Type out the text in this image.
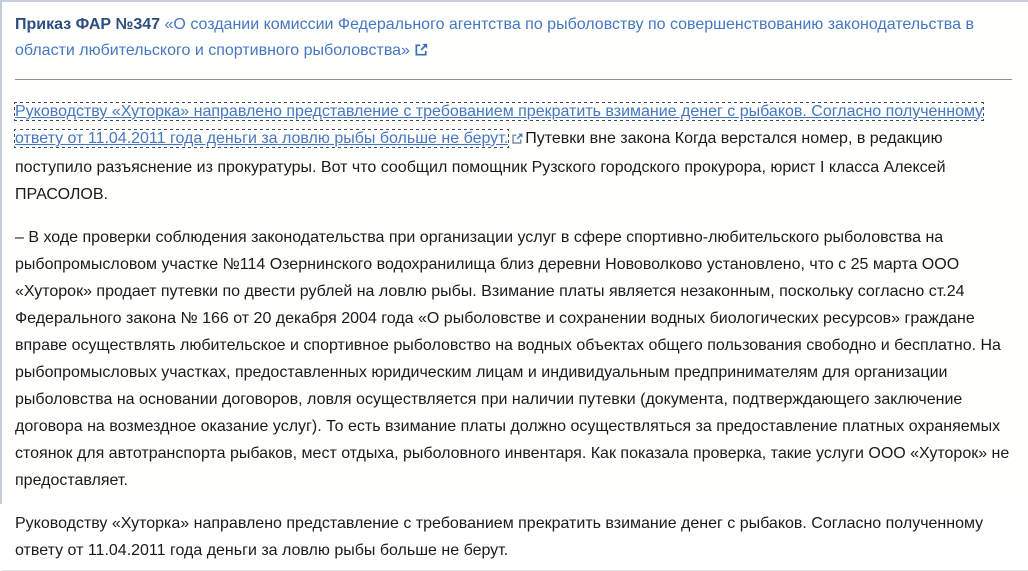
Приказ ФАР №347 «О создании комиссии Федерального агентства по рыболовству по совершенствованию законодательства в области любительского и спортивного рыболовства»

Руководству «Хуторка» направлено представление с требованием прекратить взимание денег с рыбаков. Согласно полученному ответу от 11.04.2011 года деньги за ловлю рыбы больше не берут. Путевки вне закона Когда верстался номер, в редакцию поступило разъяснение из прокуратуры. Вот что сообщил помощник Рузского городского прокурора, юрист I класса Алексей ПРАСОЛОВ.

– В ходе проверки соблюдения законодательства при организации услуг в сфере спортивно-любительского рыболовства на рыбопромысловом участке №114 Озернинского водохранилища близ деревни Нововолково установлено, что с 25 марта ООО «Хуторок» продает путевки по двести рублей на ловлю рыбы. Взимание платы является незаконным, поскольку согласно ст.24 Федерального закона № 166 от 20 декабря 2004 года «О рыболовстве и сохранении водных биологических ресурсов» граждане вправе осуществлять любительское и спортивное рыболовство на водных объектах общего пользования свободно и бесплатно. На рыбопромысловых участках, предоставленных юридическим лицам и индивидуальным предпринимателям для организации рыболовства на основании договоров, ловля осуществляется при наличии путевки (документа, подтверждающего заключение договора на возмездное оказание услуг). То есть взимание платы должно осуществляться за предоставление платных охраняемых стоянок для автотранспорта рыбаков, мест отдыха, рыболовного инвентаря. Как показала проверка, такие услуги ООО «Хуторок» не предоставляет.

Руководству «Хуторка» направлено представление с требованием прекратить взимание денег с рыбаков. Согласно полученному ответу от 11.04.2011 года деньги за ловлю рыбы больше не берут.
